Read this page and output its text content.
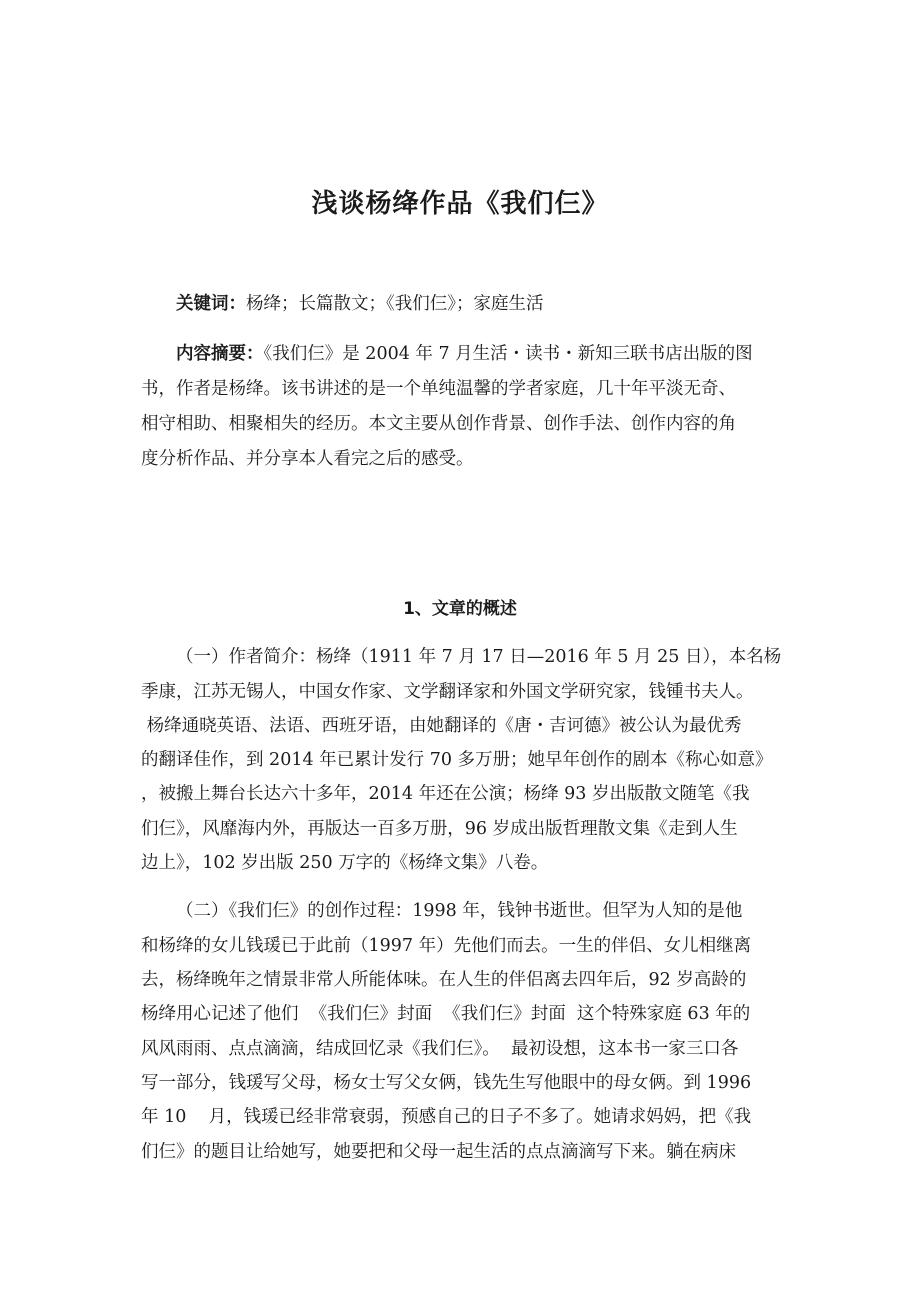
浅谈杨绛作品《我们仨》
关键词：杨绛；长篇散文；《我们仨》；家庭生活
内容摘要：《我们仨》是 2004 年 7 月生活・读书・新知三联书店出版的图
书，作者是杨绛。该书讲述的是一个单纯温馨的学者家庭，几十年平淡无奇、
相守相助、相聚相失的经历。本文主要从创作背景、创作手法、创作内容的角
度分析作品、并分享本人看完之后的感受。
1、文章的概述
（一）作者简介：杨绛（1911 年 7 月 17 日—2016 年 5 月 25 日），本名杨
季康，江苏无锡人，中国女作家、文学翻译家和外国文学研究家，钱锺书夫人。
杨绛通晓英语、法语、西班牙语，由她翻译的《唐・吉诃德》被公认为最优秀
的翻译佳作，到 2014 年已累计发行 70 多万册；她早年创作的剧本《称心如意》
，被搬上舞台长达六十多年，2014 年还在公演；杨绛 93 岁出版散文随笔《我
们仨》，风靡海内外，再版达一百多万册，96 岁成出版哲理散文集《走到人生
边上》，102 岁出版 250 万字的《杨绛文集》八卷。
（二）《我们仨》的创作过程：1998 年，钱钟书逝世。但罕为人知的是他
和杨绛的女儿钱瑗已于此前（1997 年）先他们而去。一生的伴侣、女儿相继离
去，杨绛晚年之情景非常人所能体味。在人生的伴侣离去四年后，92 岁高龄的
杨绛用心记述了他们  《我们仨》封面  《我们仨》封面  这个特殊家庭 63 年的
风风雨雨、点点滴滴，结成回忆录《我们仨》。  最初设想，这本书一家三口各
写一部分，钱瑗写父母，杨女士写父女俩，钱先生写他眼中的母女俩。到 1996
年 10    月，钱瑗已经非常衰弱，预感自己的日子不多了。她请求妈妈，把《我
们仨》的题目让给她写，她要把和父母一起生活的点点滴滴写下来。躺在病床
